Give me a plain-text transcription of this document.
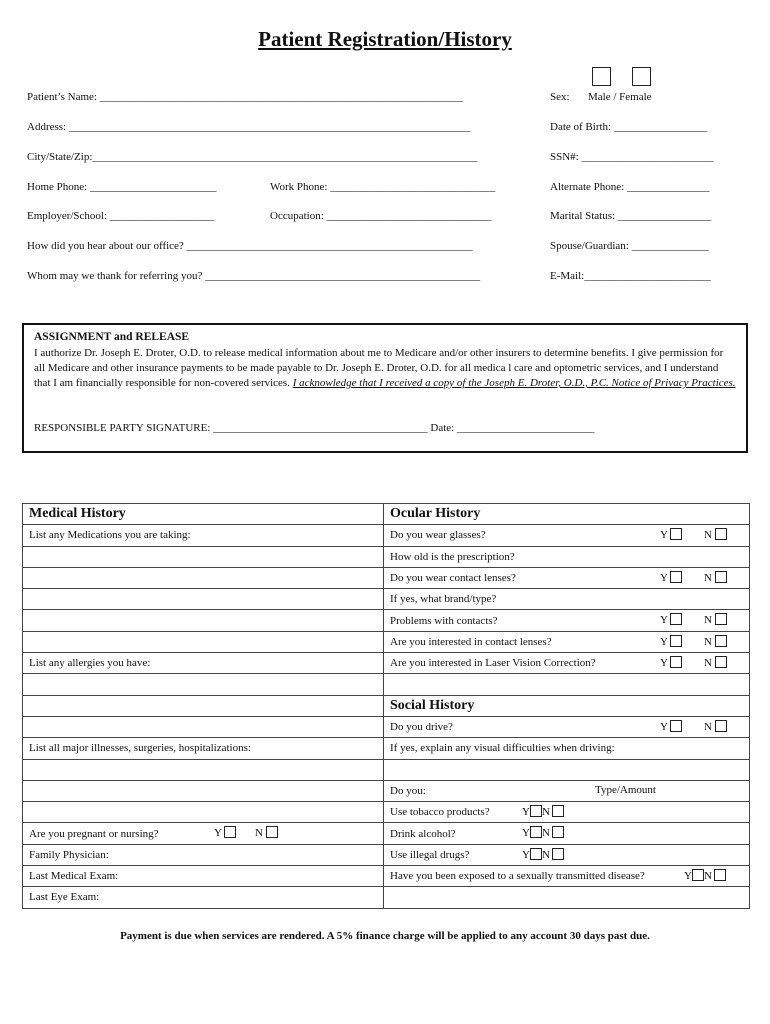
Patient Registration/History
Patient’s Name: __________________________________________________________________	Sex: Male / Female
Address: _________________________________________________________________________	Date of Birth: _________________
City/State/Zip:______________________________________________________________________	SSN#: ________________________
Home Phone: _______________________	Work Phone: ______________________________	Alternate Phone: _______________
Employer/School: ___________________	Occupation: ______________________________	Marital Status: _________________
How did you hear about our office? ____________________________________________________	Spouse/Guardian: ______________
Whom may we thank for referring you? __________________________________________________	E-Mail:_______________________
ASSIGNMENT and RELEASE
I authorize Dr. Joseph E. Droter, O.D. to release medical information about me to Medicare and/or other insurers to determine benefits. I give permission for all Medicare and other insurance payments to be made payable to Dr. Joseph E. Droter, O.D. for all medica l care and optometric services, and I understand that I am financially responsible for non-covered services. I acknowledge that I received a copy of the Joseph E. Droter, O.D., P.C. Notice of Privacy Practices.
RESPONSIBLE PARTY SIGNATURE: _______________________________________ Date: _________________________
Medical History	Ocular History
List any Medications you are taking:	Do you wear glasses? Y N

	How old is the prescription?
	Do you wear contact lenses? Y N

	If yes, what brand/type?
	Problems with contacts? Y N

	Are you interested in contact lenses? Y N

List any allergies you have:	Are you interested in Laser Vision Correction? Y N

	Social History
	Do you drive? Y N

List all major illnesses, surgeries, hospitalizations:	If yes, explain any visual difficulties when driving:

	Do you: Type/Amount

	Use tobacco products? Y N

Are you pregnant or nursing? Y N	Drink alcohol? Y N

Family Physician:	Use illegal drugs? Y N

Last Medical Exam:	Have you been exposed to a sexually transmitted disease? Y N

Last Eye Exam:	
Payment is due when services are rendered. A 5% finance charge will be applied to any account 30 days past due.
